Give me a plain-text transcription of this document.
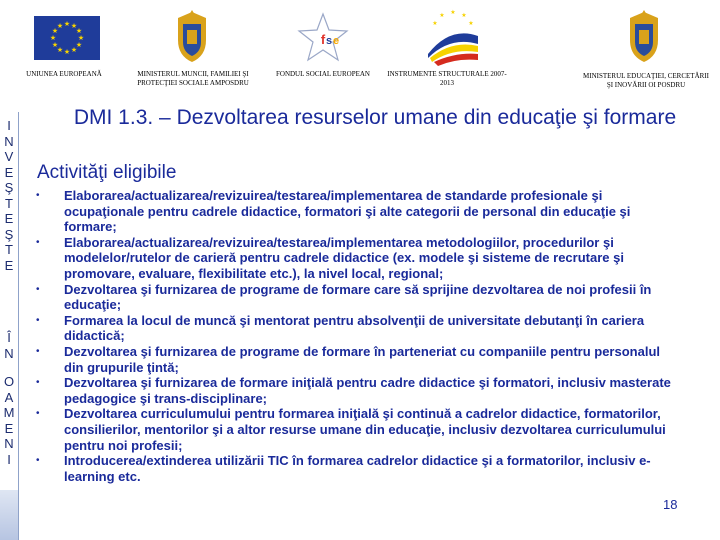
★ ★
★
★
★
★
★
★
★
★
★
★
UNIUNEA EUROPEANĂ	MINISTERUL MUNCII, FAMILIEI ŞI PROTECŢIEI SOCIALE AMPOSDRU
f s e
FONDUL SOCIAL EUROPEAN
★ ★
★
★
★
INSTRUMENTE STRUCTURALE 2007-2013
MINISTERUL EDUCAŢIEI, CERCETĂRII ŞI INOVĂRII OI POSDRU
I
N
V
E
Ş
T
E
Ş
T
E
Î
N
O
A
M
E
N
I
DMI 1.3. – Dezvoltarea resurselor umane din educaţie şi formare
Activităţi eligibile
• Elaborarea/actualizarea/revizuirea/testarea/implementarea de standarde profesionale şi ocupaţionale pentru cadrele didactice, formatori şi alte categorii de personal din educaţie şi formare;
• Elaborarea/actualizarea/revizuirea/testarea/implementarea metodologiilor, procedurilor şi modelelor/rutelor de carieră pentru cadrele didactice (ex. modele şi sisteme de recrutare şi promovare, evaluare, flexibilitate etc.), la nivel local, regional;
• Dezvoltarea şi furnizarea de programe de formare care să sprijine dezvoltarea de noi profesii în educaţie;
• Formarea la locul de muncă şi mentorat pentru absolvenţii de universitate debutanţi în cariera didactică;
• Dezvoltarea şi furnizarea de programe de formare în parteneriat cu companiile pentru personalul din grupurile ţintă;
• Dezvoltarea şi furnizarea de formare iniţială pentru cadre didactice şi formatori, inclusiv masterate pedagogice şi trans-disciplinare;
• Dezvoltarea curriculumului pentru formarea iniţială şi continuă a cadrelor didactice, formatorilor, consilierilor, mentorilor şi a altor resurse umane din educaţie, inclusiv dezvoltarea curriculumului pentru noi profesii;
• Introducerea/extinderea utilizării TIC în formarea cadrelor didactice şi a formatorilor, inclusiv e-learning etc.
18
